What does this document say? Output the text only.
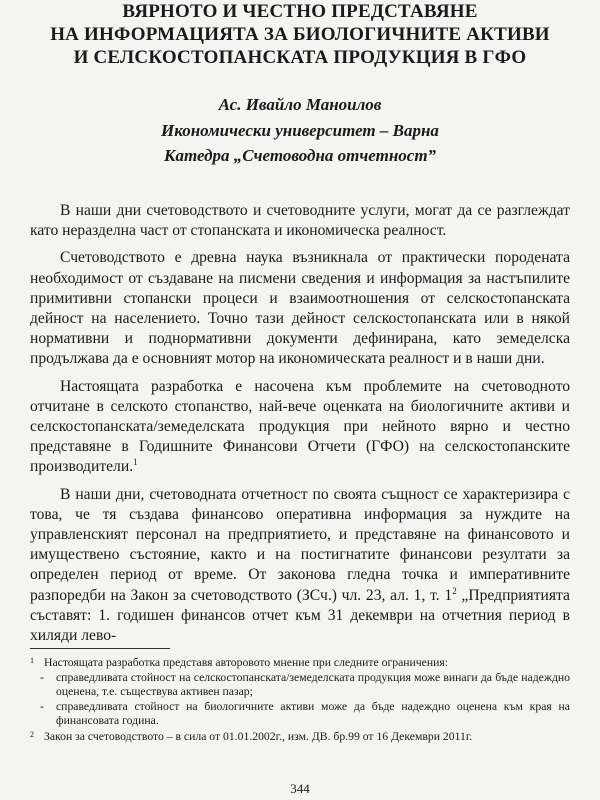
ВЯРНОТО И ЧЕСТНО ПРЕДСТАВЯНЕ
НА ИНФОРМАЦИЯТА ЗА БИОЛОГИЧНИТЕ АКТИВИ
И СЕЛСКОСТОПАНСКАТА ПРОДУКЦИЯ В ГФО
Ас. Ивайло Маноилов
Икономически университет – Варна
Катедра „Счетоводна отчетност”

В наши дни счетоводството и счетоводните услуги, могат да се разглеждат като неразделна част от стопанската и икономическа реалност.

Счетоводството е древна наука възникнала от практически породената необходимост от създаване на писмени сведения и информация за настъпилите примитивни стопански процеси и взаимоотношения от селскостопанската дейност на населението. Точно тази дейност селскостопанската или в някой нормативни и поднормативни документи дефинирана, като земеделска продължава да е основният мотор на икономическата реалност и в наши дни.

Настоящата разработка е насочена към проблемите на счетоводното отчитане в селското стопанство, най-вече оценката на биологичните активи и селскостопанската/земеделската продукция при нейното вярно и честно представяне в Годишните Финансови Отчети (ГФО) на селскостопанските производители.$^1$

В наши дни, счетоводната отчетност по своята същност се характеризира с това, че тя създава финансово оперативна информация за нуждите на управленският персонал на предприятието, и представяне на финансовото и имуществено състояние, както и на постигнатите финансови резултати за определен период от време. От законова гледна точка и императивните разпоредби на Закон за счетоводството (ЗСч.) чл. 23, ал. 1, т. $1^2$ „Предприятията съставят: 1. годишен финансов отчет към 31 декември на отчетния период в хиляди лево-

1 Настоящата разработка представя авторовото мнение при следните ограничения:
- справедливата стойност на селскостопанската/земеделската продукция може винаги да бъде надеждно оценена, т.е. съществува активен пазар;
- справедливата стойност на биологичните активи може да бъде надеждно оценена към края на финансовата година.
2 Закон за счетоводството – в сила от 01.01.2002г., изм. ДВ. бр.99 от 16 Декември 2011г.
344
